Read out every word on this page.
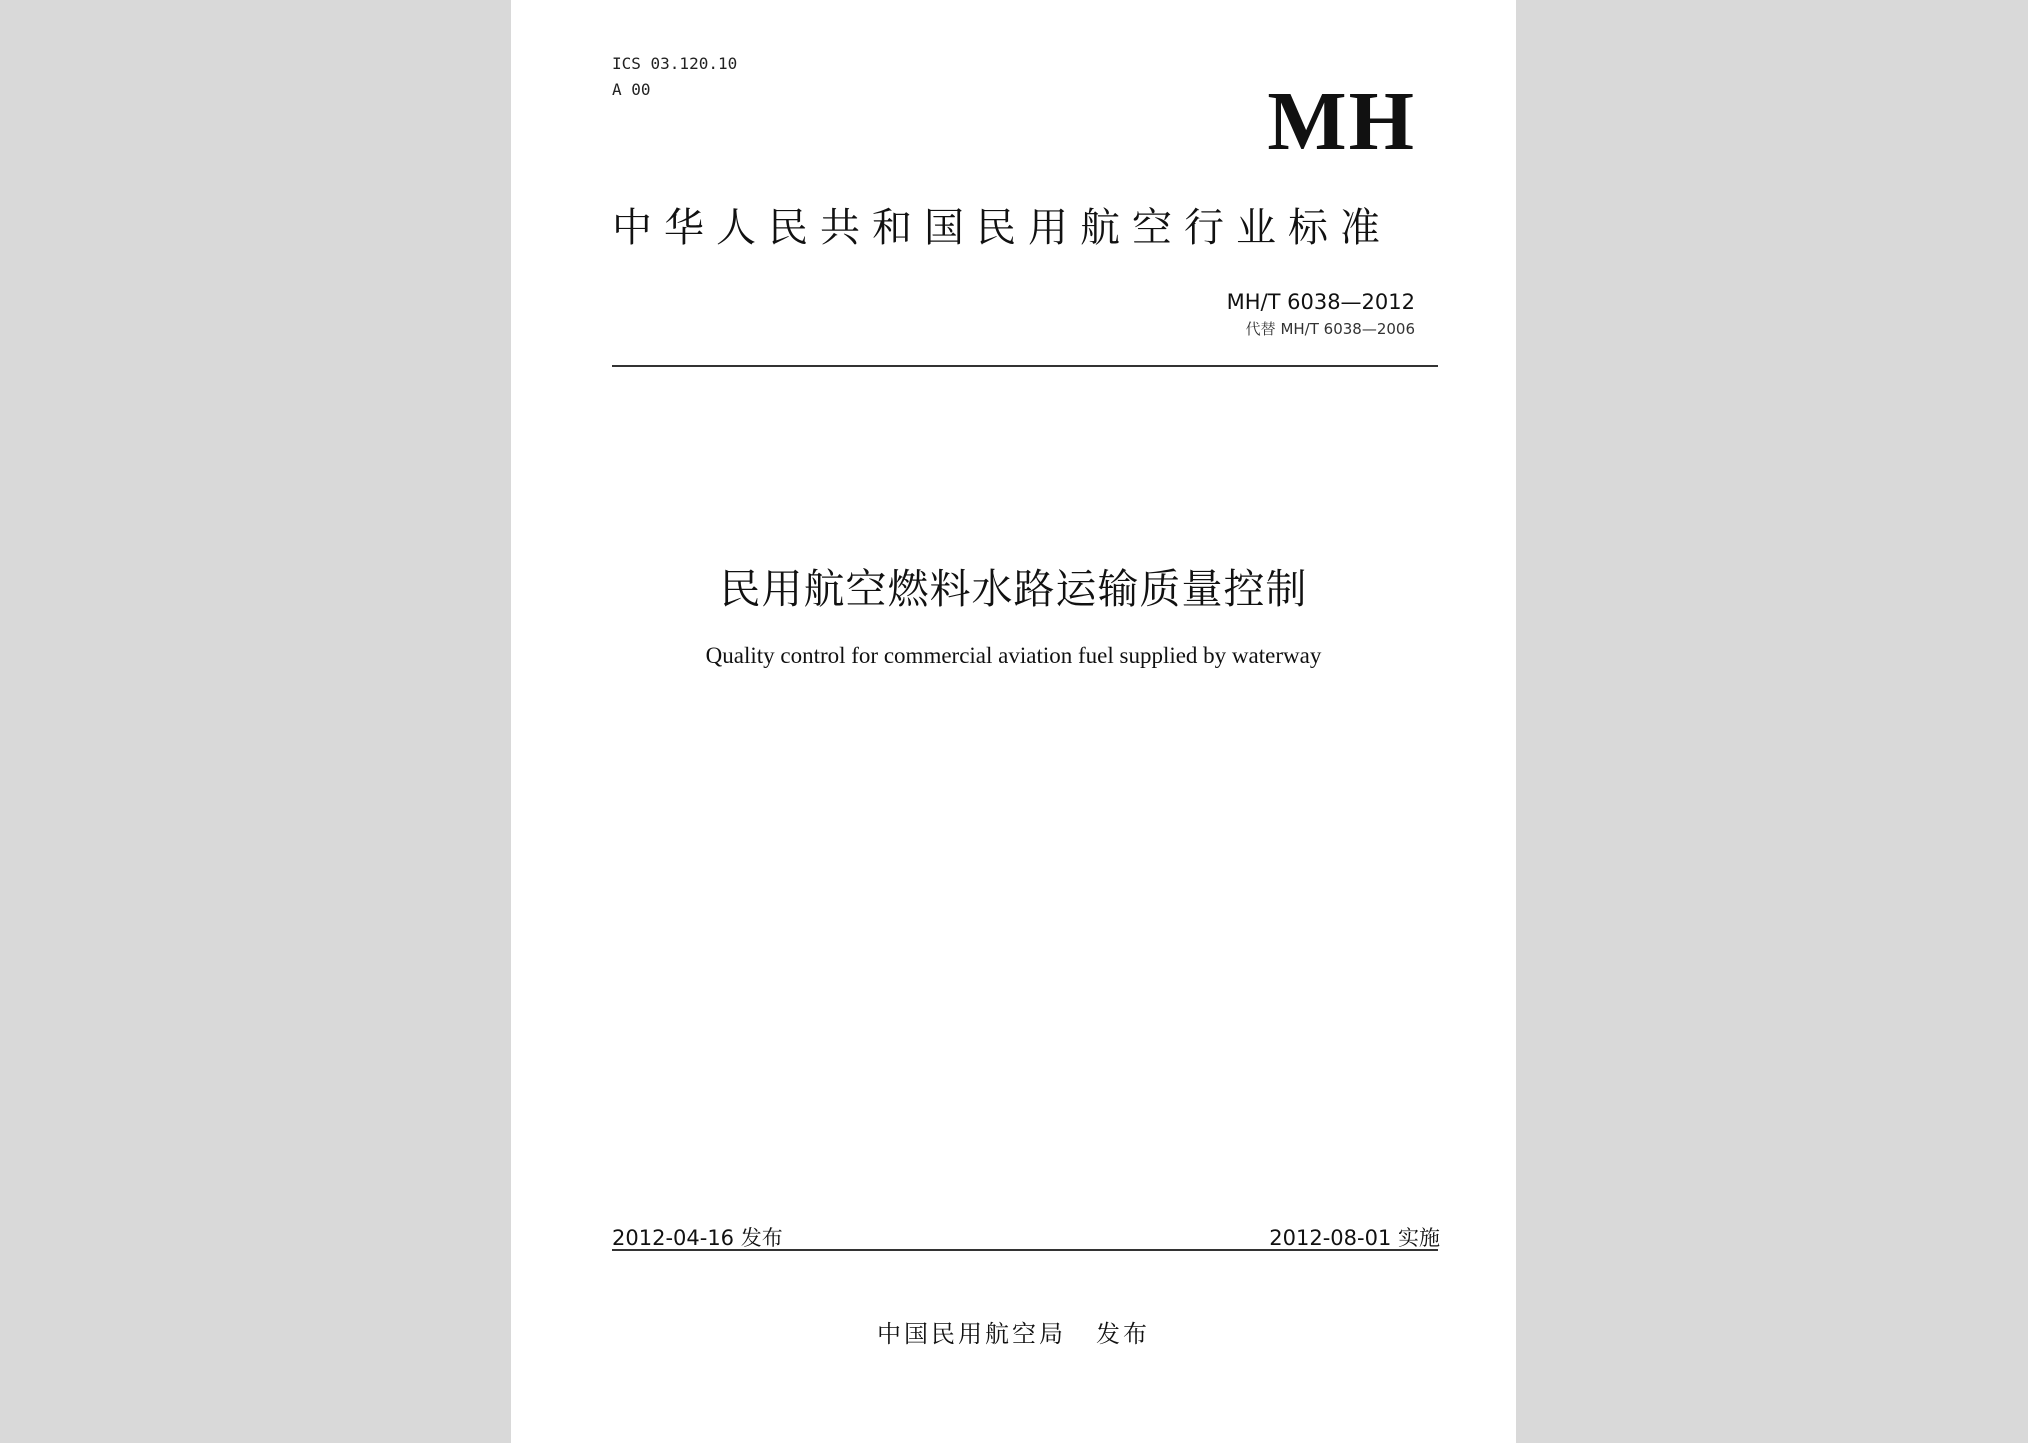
ICS 03.120.10
A 00	MH
中华人民共和国民用航空行业标准
MH/T 6038—2012
代替 MH/T 6038—2006
民用航空燃料水路运输质量控制
Quality control for commercial aviation fuel supplied by waterway
2012-04-16 发布	2012-08-01 实施
中国民用航空局 发布
